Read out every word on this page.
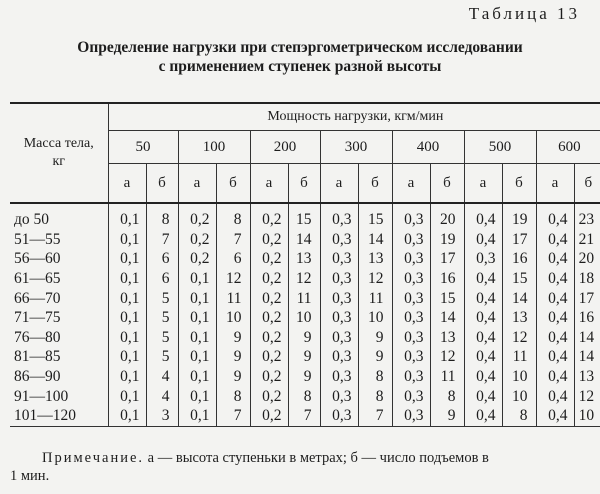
Таблица 13
Определение нагрузки при степэргометрическом исследовании
с применением ступенек разной высоты
Масса тела,
кг	Мощность нагрузки, кгм/мин													
	50		100		200		300		400		500		600	
	а	б	а	б	а	б	а	б	а	б	а	б	а	б
до 50	0,1	8	0,2	8	0,2	15	0,3	15	0,3	20	0,4	19	0,4	23
51—55	0,1	7	0,2	7	0,2	14	0,3	14	0,3	19	0,4	17	0,4	21
56—60	0,1	6	0,2	6	0,2	13	0,3	13	0,3	17	0,3	16	0,4	20
61—65	0,1	6	0,1	12	0,2	12	0,3	12	0,3	16	0,4	15	0,4	18
66—70	0,1	5	0,1	11	0,2	11	0,3	11	0,3	15	0,4	14	0,4	17
71—75	0,1	5	0,1	10	0,2	10	0,3	10	0,3	14	0,4	13	0,4	16
76—80	0,1	5	0,1	9	0,2	9	0,3	9	0,3	13	0,4	12	0,4	14
81—85	0,1	5	0,1	9	0,2	9	0,3	9	0,3	12	0,4	11	0,4	14
86—90	0,1	4	0,1	9	0,2	9	0,3	8	0,3	11	0,4	10	0,4	13
91—100	0,1	4	0,1	8	0,2	8	0,3	8	0,3	8	0,4	10	0,4	12
101—120	0,1	3	0,1	7	0,2	7	0,3	7	0,3	9	0,4	8	0,4	10
Примечание. а — высота ступеньки в метрах; б — число подъемов в
1 мин.
